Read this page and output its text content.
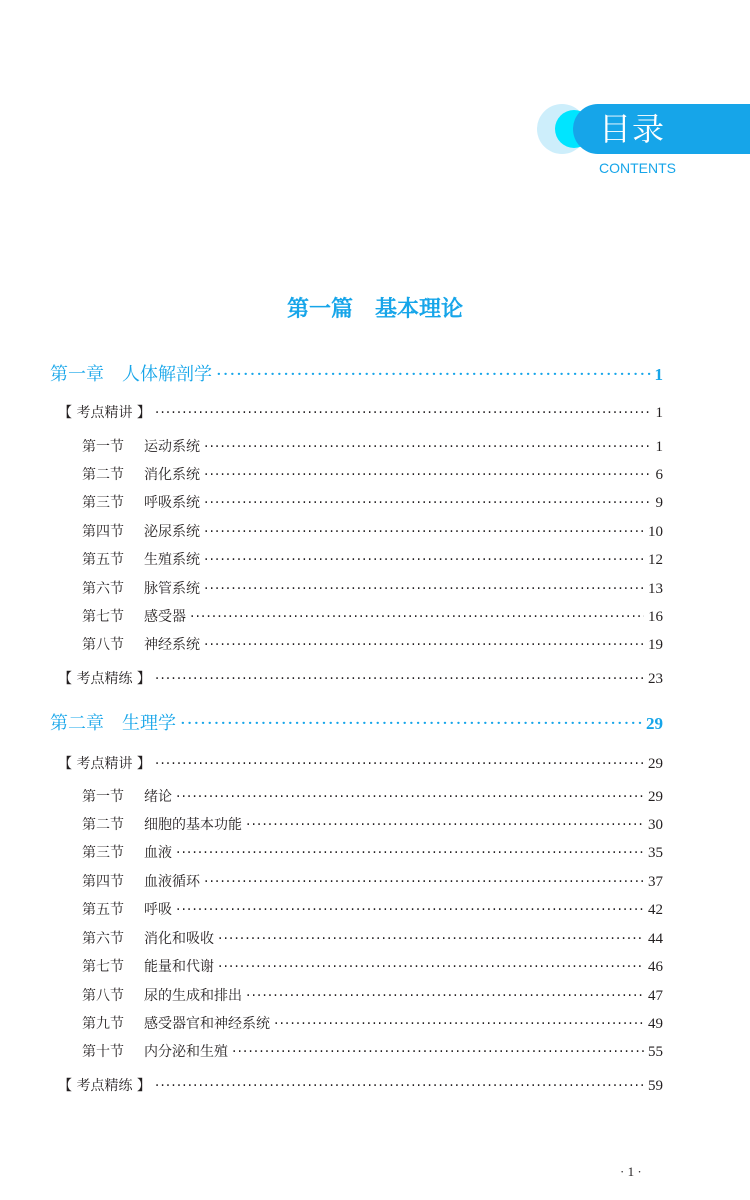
目录
CONTENTS
第一篇　基本理论
第一章　人体解剖学 ·····	1
【 考点精讲 】 ·····	1
第一节 运动系统 ·····	1
第二节 消化系统 ·····	6
第三节 呼吸系统 ·····	9
第四节 泌尿系统 ·····	10
第五节 生殖系统 ·····	12
第六节 脉管系统 ·····	13
第七节 感受器 ·····	16
第八节 神经系统 ·····	19
【 考点精练 】 ·····	23
第二章　生理学 ·····	29
【 考点精讲 】 ·····	29
第一节 绪论 ·····	29
第二节 细胞的基本功能 ·····	30
第三节 血液 ·····	35
第四节 血液循环 ·····	37
第五节 呼吸 ·····	42
第六节 消化和吸收 ·····	44
第七节 能量和代谢 ·····	46
第八节 尿的生成和排出 ·····	47
第九节 感受器官和神经系统 ·····	49
第十节 内分泌和生殖 ·····	55
【 考点精练 】 ·····	59
· 1 ·
